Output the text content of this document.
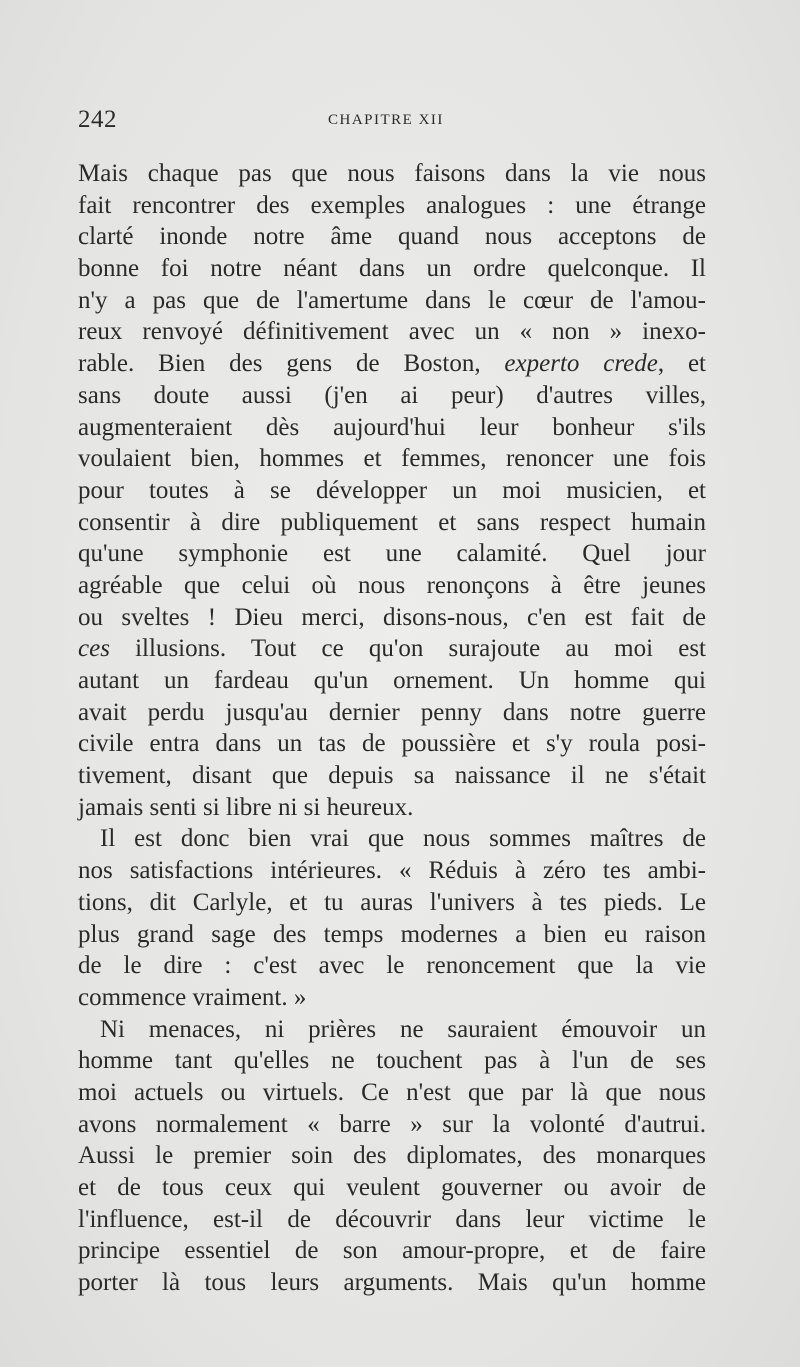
242	CHAPITRE XII
Mais chaque pas que nous faisons dans la vie nous
fait rencontrer des exemples analogues : une étrange
clarté inonde notre âme quand nous acceptons de
bonne foi notre néant dans un ordre quelconque. Il
n'y a pas que de l'amertume dans le cœur de l'amou-
reux renvoyé définitivement avec un « non » inexo-
rable. Bien des gens de Boston, experto crede, et
sans doute aussi (j'en ai peur) d'autres villes,
augmenteraient dès aujourd'hui leur bonheur s'ils
voulaient bien, hommes et femmes, renoncer une fois
pour toutes à se développer un moi musicien, et
consentir à dire publiquement et sans respect humain
qu'une symphonie est une calamité. Quel jour
agréable que celui où nous renonçons à être jeunes
ou sveltes ! Dieu merci, disons-nous, c'en est fait de
ces illusions. Tout ce qu'on surajoute au moi est
autant un fardeau qu'un ornement. Un homme qui
avait perdu jusqu'au dernier penny dans notre guerre
civile entra dans un tas de poussière et s'y roula posi-
tivement, disant que depuis sa naissance il ne s'était
jamais senti si libre ni si heureux.
Il est donc bien vrai que nous sommes maîtres de
nos satisfactions intérieures. « Réduis à zéro tes ambi-
tions, dit Carlyle, et tu auras l'univers à tes pieds. Le
plus grand sage des temps modernes a bien eu raison
de le dire : c'est avec le renoncement que la vie
commence vraiment. »
Ni menaces, ni prières ne sauraient émouvoir un
homme tant qu'elles ne touchent pas à l'un de ses
moi actuels ou virtuels. Ce n'est que par là que nous
avons normalement « barre » sur la volonté d'autrui.
Aussi le premier soin des diplomates, des monarques
et de tous ceux qui veulent gouverner ou avoir de
l'influence, est-il de découvrir dans leur victime le
principe essentiel de son amour-propre, et de faire
porter là tous leurs arguments. Mais qu'un homme
